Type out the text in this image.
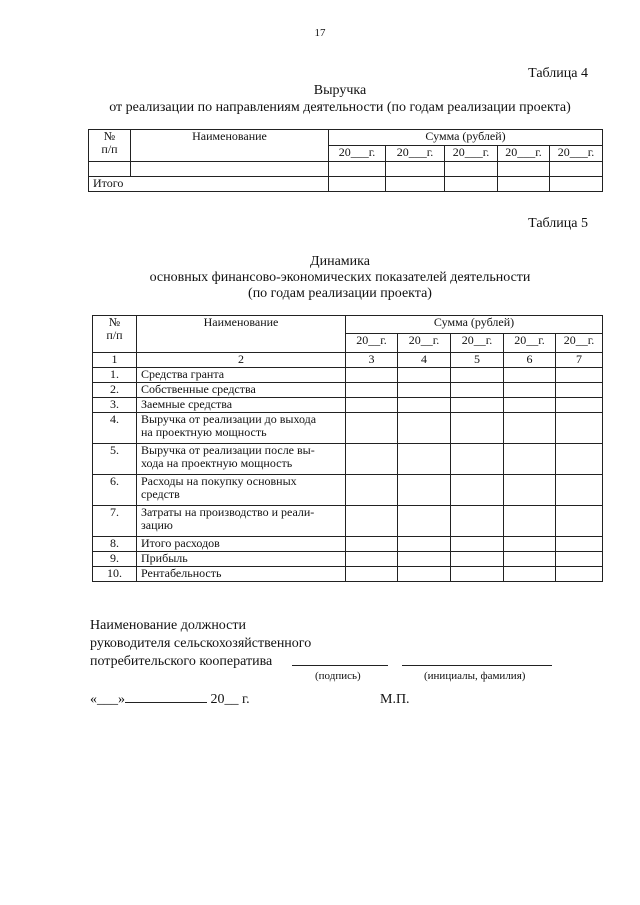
17
Таблица 4
Выручка
от реализации по направлениям деятельности (по годам реализации проекта)
№
п/п	Наименование	Сумма (рублей)				
		20___г.	20___г.	20___г.	20___г.	20___г.

Итого						
Таблица 5
Динамика
основных финансово-экономических показателей деятельности
(по годам реализации проекта)
№
п/п	Наименование	Сумма (рублей)				
		20__г.	20__г.	20__г.	20__г.	20__г.
1	2	3	4	5	6	7
1.	Средства гранта					

2.	Собственные средства					

3.	Заемные средства					

4.	Выручка от реализации до выхода
на проектную мощность					

5.	Выручка от реализации после вы-
хода на проектную мощность					

6.	Расходы на покупку основных
средств					

7.	Затраты на производство и реали-
зацию					

8.	Итого расходов					

9.	Прибыль					

10.	Рентабельность					

Наименование должности
руководителя сельскохозяйственного
потребительского кооператива
(подпись)	(инициалы, фамилия)
«___»	20__ г.	М.П.
